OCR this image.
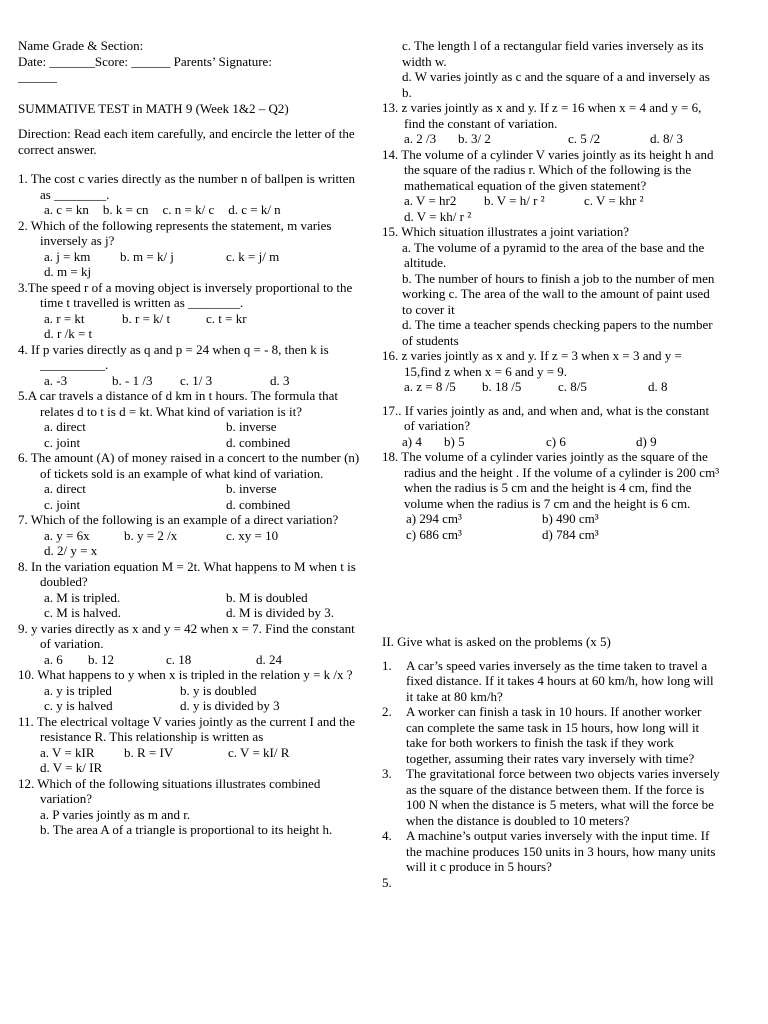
Name Grade & Section:

Date: _______Score: ______ Parents’ Signature:

______

SUMMATIVE TEST in MATH 9 (Week 1&2 – Q2)

Direction: Read each item carefully, and encircle the letter of the correct answer.

1. The cost c varies directly as the number n of ballpen is written as ________.

a. c = kn b. k = cn c. n = k/ c d. c = k/ n

2. Which of the following represents the statement, m varies inversely as j?

a. j = km	b. m = k/ j	c. k = j/ m
d. m = kj

3.The speed r of a moving object is inversely proportional to the time t travelled is written as ________.

a. r = kt	b. r = k/ t	c. t = kr
d. r /k = t

4. If p varies directly as q and p = 24 when q = - 8, then k is __________.

a. -3	b. - 1 /3	c. 1/ 3	d. 3

5.A car travels a distance of d km in t hours. The formula that relates d to t is d = kt. What kind of variation is it?

a. direct	b. inverse
c. joint	d. combined

6. The amount (A) of money raised in a concert to the number (n) of tickets sold is an example of what kind of variation.

a. direct	b. inverse
c. joint	d. combined

7. Which of the following is an example of a direct variation?

a. y = 6x	b. y = 2 /x	c. xy = 10
d. 2/ y = x

8. In the variation equation M = 2t. What happens to M when t is doubled?

a. M is tripled.	b. M is doubled
c. M is halved.	d. M is divided by 3.

9. y varies directly as x and y = 42 when x = 7. Find the constant of variation.

a. 6	b. 12	c. 18	d. 24

10. What happens to y when x is tripled in the relation y = k /x ?

a. y is tripled	b. y is doubled
c. y is halved	d. y is divided by 3

11. The electrical voltage V varies jointly as the current I and the resistance R. This relationship is written as

a. V = kIR	b. R = IV	c. V = kI/ R
d. V = k/ IR

12. Which of the following situations illustrates combined variation?

a. P varies jointly as m and r.

b. The area A of a triangle is proportional to its height h.

c. The length l of a rectangular field varies inversely as its width w.

d. W varies jointly as c and the square of a and inversely as b.

13. z varies jointly as x and y. If z = 16 when x = 4 and y = 6, find the constant of variation.

a. 2 /3	b. 3/ 2	c. 5 /2	d. 8/ 3

14. The volume of a cylinder V varies jointly as its height h and the square of the radius r. Which of the following is the mathematical equation of the given statement?

a. V = hr2	b. V = h/ r ²	c. V = khr ²
d. V = kh/ r ²

15. Which situation illustrates a joint variation?

a. The volume of a pyramid to the area of the base and the altitude.

b. The number of hours to finish a job to the number of men working c. The area of the wall to the amount of paint used to cover it

d. The time a teacher spends checking papers to the number of students

16. z varies jointly as x and y. If z = 3 when x = 3 and y = 15,find z when x = 6 and y = 9.

a. z = 8 /5	b. 18 /5	c. 8/5	d. 8

17.. If varies jointly as and, and when and, what is the constant of variation?

a) 4	b) 5	c) 6	d) 9

18. The volume of a cylinder varies jointly as the square of the radius and the height . If the volume of a cylinder is 200 cm³ when the radius is 5 cm and the height is 4 cm, find the volume when the radius is 7 cm and the height is 6 cm.

a) 294 cm³	b) 490 cm³
c) 686 cm³	d) 784 cm³

II. Give what is asked on the problems (x 5)

1.	A car’s speed varies inversely as the time taken to travel a fixed distance. If it takes 4 hours at 60 km/h, how long will it take at 80 km/h?
2.	A worker can finish a task in 10 hours. If another worker can complete the same task in 15 hours, how long will it take for both workers to finish the task if they work together, assuming their rates vary inversely with time?
3.	The gravitational force between two objects varies inversely as the square of the distance between them. If the force is 100 N when the distance is 5 meters, what will the force be when the distance is doubled to 10 meters?
4.	A machine’s output varies inversely with the input time. If the machine produces 150 units in 3 hours, how many units will it c produce in 5 hours?
5.
